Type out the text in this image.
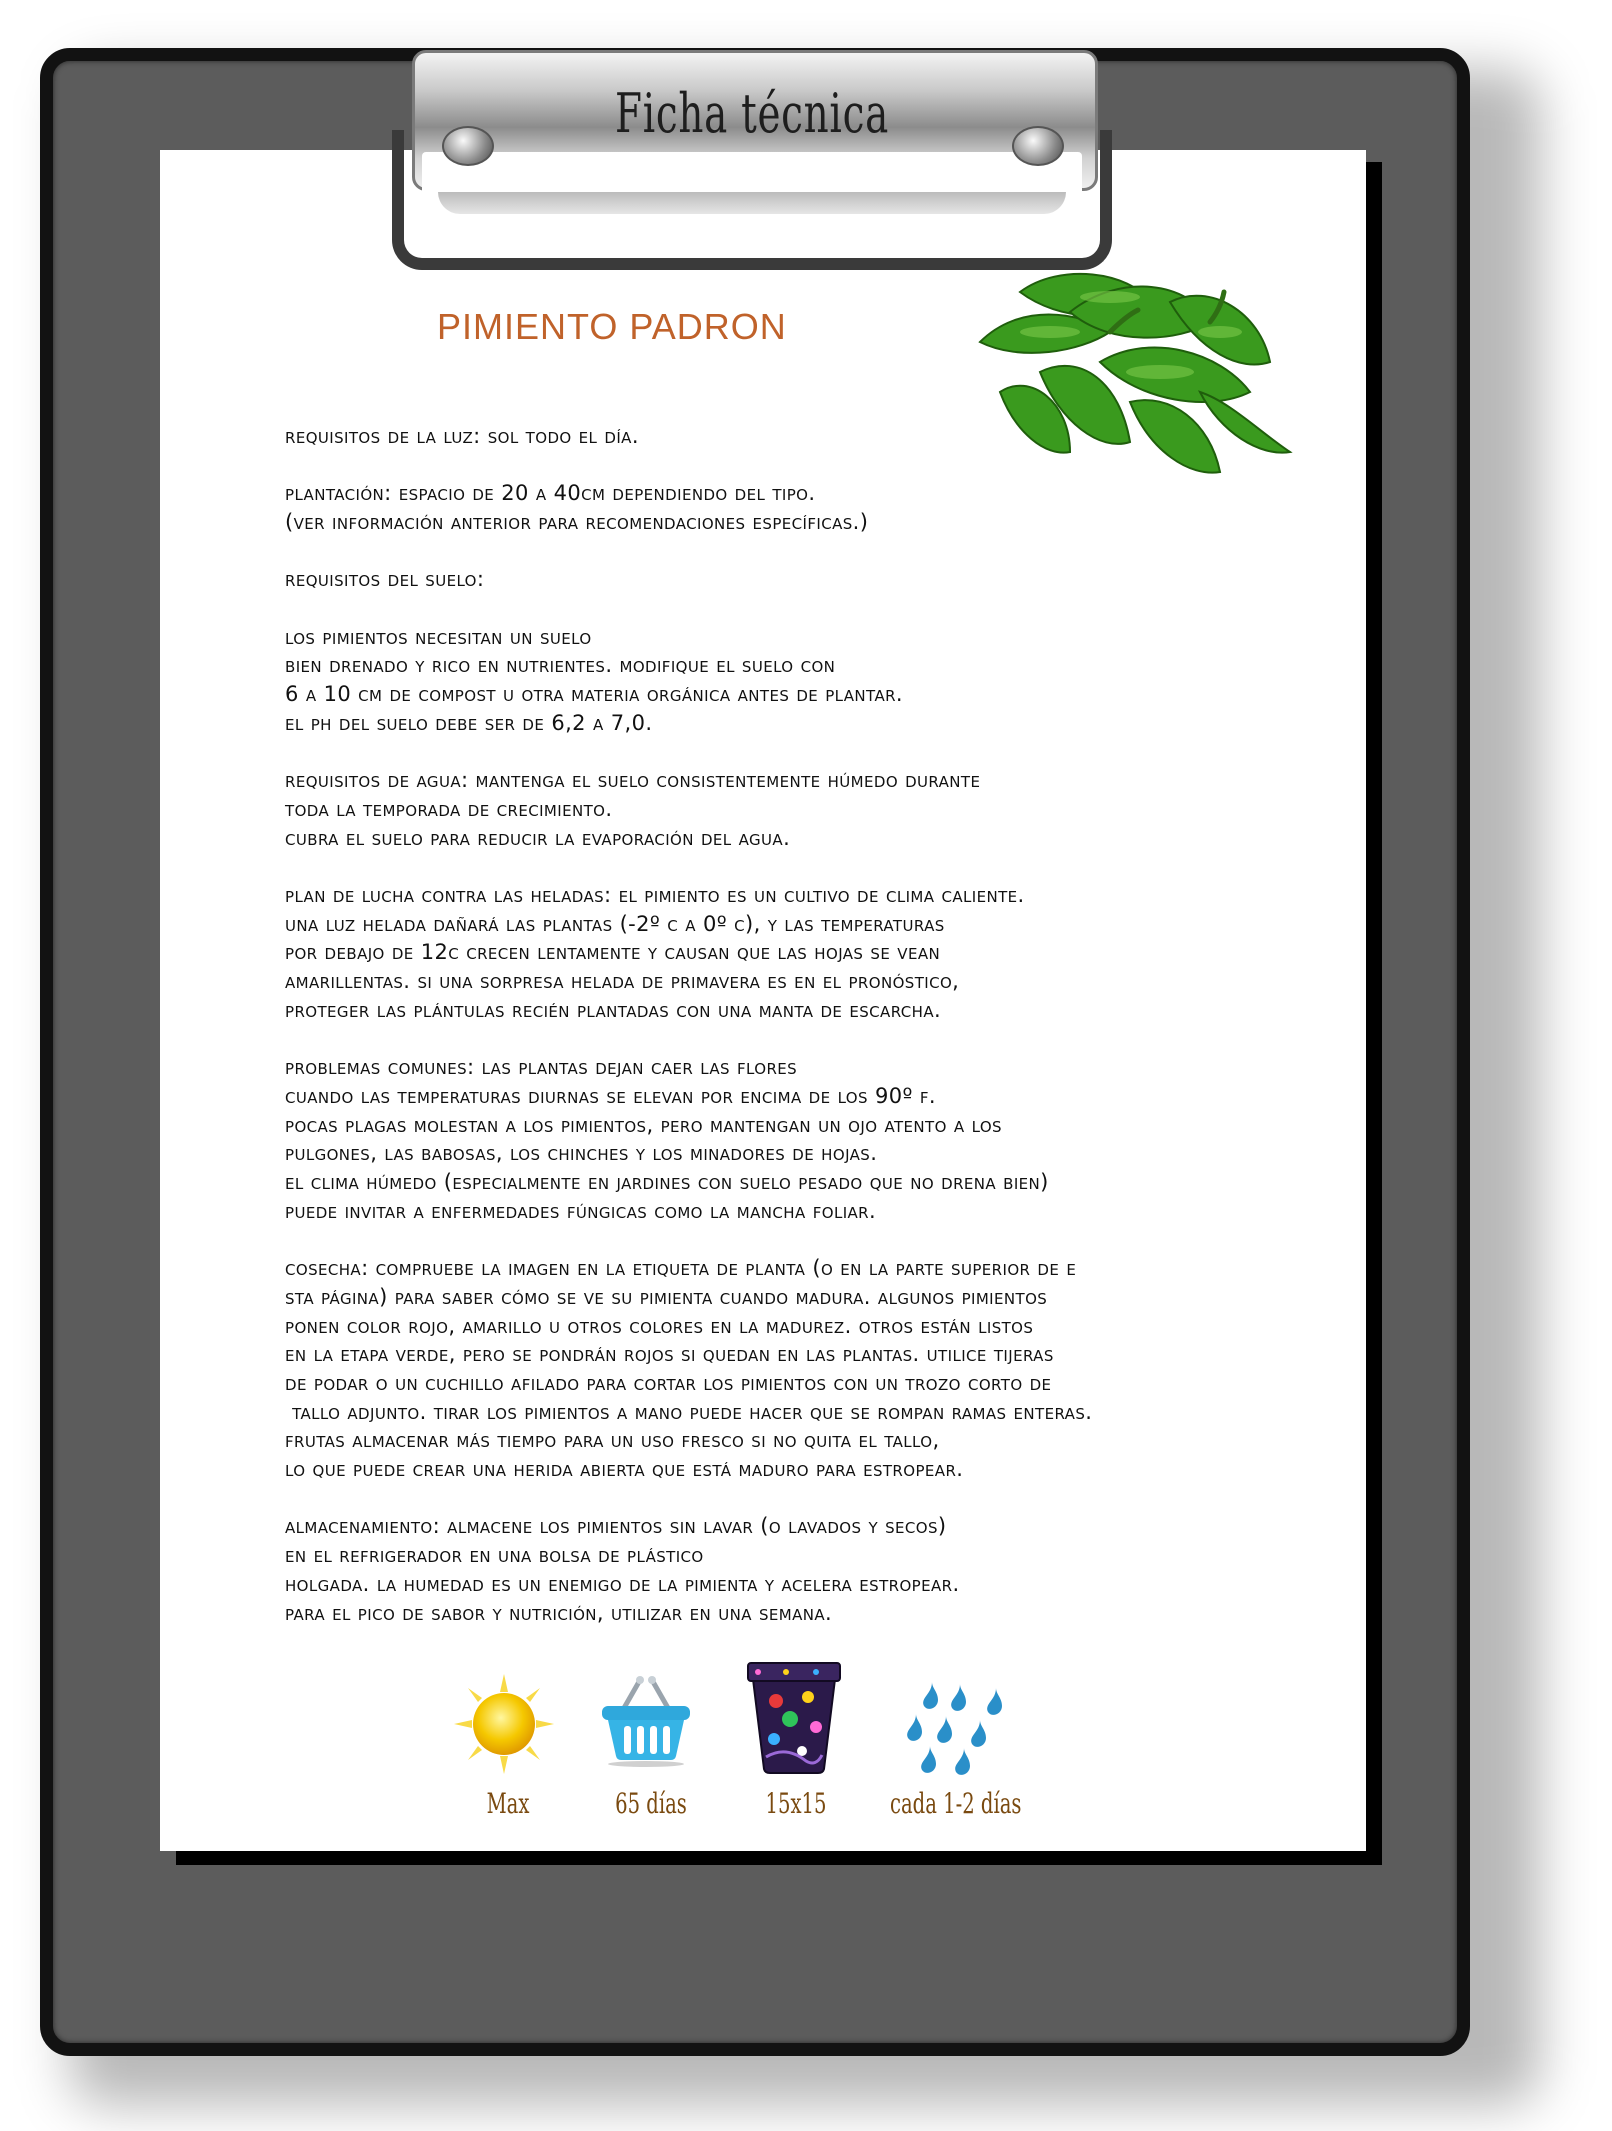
Ficha técnica
PIMIENTO PADRON

requisitos de la luz: sol todo el día.

plantación: espacio de 20 a 40cm dependiendo del tipo.
(ver información anterior para recomendaciones específicas.)

requisitos del suelo:

los pimientos necesitan un suelo
bien drenado y rico en nutrientes. modifique el suelo con
6 a 10 cm de compost u otra materia orgánica antes de plantar.
el ph del suelo debe ser de 6,2 a 7,0.

requisitos de agua: mantenga el suelo consistentemente húmedo durante
toda la temporada de crecimiento.
cubra el suelo para reducir la evaporación del agua.

plan de lucha contra las heladas: el pimiento es un cultivo de clima caliente.
una luz helada dañará las plantas (-2º c a 0º c), y las temperaturas
por debajo de 12c crecen lentamente y causan que las hojas se vean
amarillentas. si una sorpresa helada de primavera es en el pronóstico,
proteger las plántulas recién plantadas con una manta de escarcha.

problemas comunes: las plantas dejan caer las flores
cuando las temperaturas diurnas se elevan por encima de los 90º f.
pocas plagas molestan a los pimientos, pero mantengan un ojo atento a los
pulgones, las babosas, los chinches y los minadores de hojas.
el clima húmedo (especialmente en jardines con suelo pesado que no drena bien)
puede invitar a enfermedades fúngicas como la mancha foliar.

cosecha: compruebe la imagen en la etiqueta de planta (o en la parte superior de e
sta página) para saber cómo se ve su pimienta cuando madura. algunos pimientos
ponen color rojo, amarillo u otros colores en la madurez. otros están listos
en la etapa verde, pero se pondrán rojos si quedan en las plantas. utilice tijeras
de podar o un cuchillo afilado para cortar los pimientos con un trozo corto de
tallo adjunto. tirar los pimientos a mano puede hacer que se rompan ramas enteras.
frutas almacenar más tiempo para un uso fresco si no quita el tallo,
lo que puede crear una herida abierta que está maduro para estropear.

almacenamiento: almacene los pimientos sin lavar (o lavados y secos)
en el refrigerador en una bolsa de plástico
holgada. la humedad es un enemigo de la pimienta y acelera estropear.
para el pico de sabor y nutrición, utilizar en una semana.

Max	65 días	15x15	cada 1-2 días
